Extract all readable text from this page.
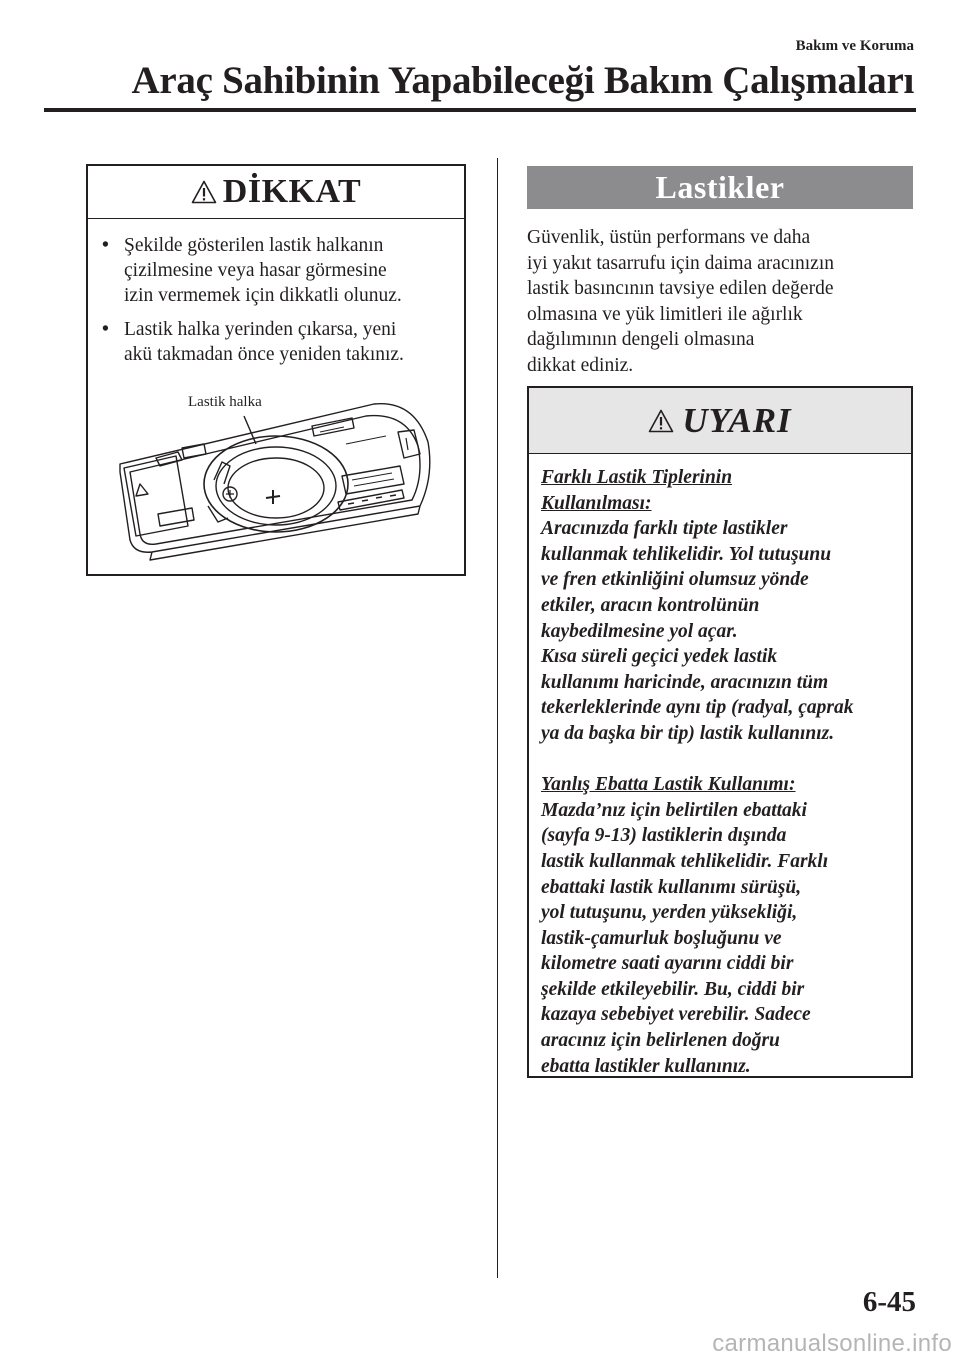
Bakım ve Koruma
Araç Sahibinin Yapabileceği Bakım Çalışmaları
DİKKAT
• Şekilde gösterilen lastik halkanın
çizilmesine veya hasar görmesine
izin vermemek için dikkatli olunuz.
• Lastik halka yerinden çıkarsa, yeni
akü takmadan önce yeniden takınız.
Lastik halka
Lastikler
Güvenlik, üstün performans ve daha
iyi yakıt tasarrufu için daima aracınızın
lastik basıncının tavsiye edilen değerde
olmasına ve yük limitleri ile ağırlık
dağılımının dengeli olmasına
dikkat ediniz.
UYARI
Farklı Lastik Tiplerinin
Kullanılması:
Aracınızda farklı tipte lastikler
kullanmak tehlikelidir. Yol tutuşunu
ve fren etkinliğini olumsuz yönde
etkiler, aracın kontrolünün
kaybedilmesine yol açar.
Kısa süreli geçici yedek lastik
kullanımı haricinde, aracınızın tüm
tekerleklerinde aynı tip (radyal, çaprak
ya da başka bir tip) lastik kullanınız.
Yanlış Ebatta Lastik Kullanımı:
Mazda’nız için belirtilen ebattaki
(sayfa 9-13) lastiklerin dışında
lastik kullanmak tehlikelidir. Farklı
ebattaki lastik kullanımı sürüşü,
yol tutuşunu, yerden yüksekliği,
lastik-çamurluk boşluğunu ve
kilometre saati ayarını ciddi bir
şekilde etkileyebilir. Bu, ciddi bir
kazaya sebebiyet verebilir. Sadece
aracınız için belirlenen doğru
ebatta lastikler kullanınız.
6-45
carmanualsonline.info
